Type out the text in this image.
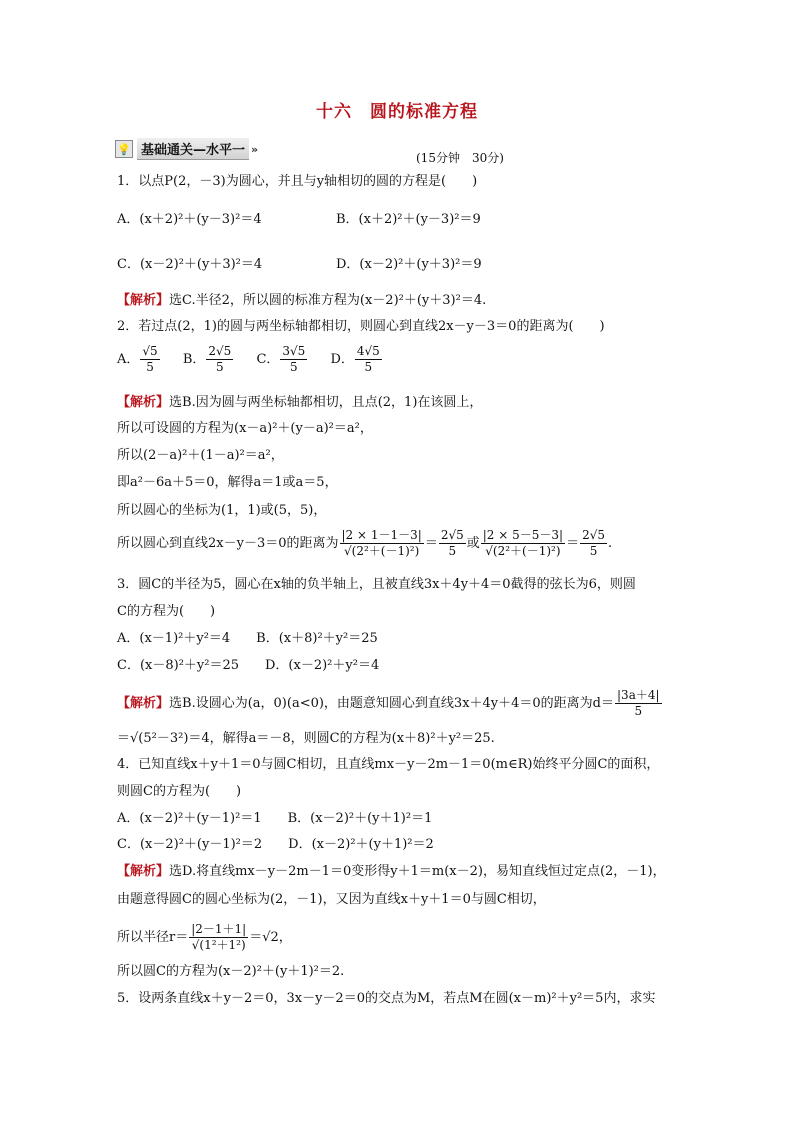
十六　圆的标准方程
💡 基础通关—水平一 »
(15分钟　30分)
1．以点P(2，－3)为圆心，并且与y轴相切的圆的方程是(　　)
A．(x＋2)²＋(y－3)²＝4	B．(x＋2)²＋(y－3)²＝9
C．(x－2)²＋(y＋3)²＝4	D．(x－2)²＋(y＋3)²＝9
【解析】选C.半径2，所以圆的标准方程为(x－2)²＋(y＋3)²＝4.
2．若过点(2，1)的圆与两坐标轴都相切，则圆心到直线2x－y－3＝0的距离为(　　)
A． $\frac{√5}{5}$ B． $\frac{2√5}{5}$ C． $\frac{3√5}{5}$ D． $\frac{4√5}{5}$
【解析】选B.因为圆与两坐标轴都相切，且点(2，1)在该圆上，
所以可设圆的方程为(x－a)²＋(y－a)²＝a²，
所以(2－a)²＋(1－a)²＝a²，
即a²－6a＋5＝0，解得a＝1或a＝5，
所以圆心的坐标为(1，1)或(5，5)，
所以圆心到直线2x－y－3＝0的距离为 $\frac{|2 \times 1-1-3|}{\text{√(2²＋(－1)²)}} = \frac{2√5}{5}$ 或 $\frac{|2 \times 5-5-3|}{\text{√(2²＋(－1)²)}} = \frac{2√5}{5}$ .
3．圆C的半径为5，圆心在x轴的负半轴上，且被直线3x＋4y＋4＝0截得的弦长为6，则圆
C的方程为(　　)
A．(x－1)²＋y²＝4　　B．(x＋8)²＋y²＝25
C．(x－8)²＋y²＝25　　D．(x－2)²＋y²＝4
【解析】选B.设圆心为(a，0)(a<0)，由题意知圆心到直线3x＋4y＋4＝0的距离为$d= \frac{|3a+4|}{5}$
＝√(5²－3²)＝4，解得a＝－8，则圆C的方程为(x＋8)²＋y²＝25.
4．已知直线x＋y＋1＝0与圆C相切，且直线mx－y－2m－1＝0(m∈R)始终平分圆C的面积，
则圆C的方程为(　　)
A．(x－2)²＋(y－1)²＝1　　B．(x－2)²＋(y＋1)²＝1
C．(x－2)²＋(y－1)²＝2　　D．(x－2)²＋(y＋1)²＝2
【解析】选D.将直线mx－y－2m－1＝0变形得y＋1＝m(x－2)，易知直线恒过定点(2，－1)，
由题意得圆C的圆心坐标为(2，－1)，又因为直线x＋y＋1＝0与圆C相切，
所以半径$r= \frac{|2-1+1|}{\text{√(1²＋1²)}} =√2$，
所以圆C的方程为(x－2)²＋(y＋1)²＝2.
5．设两条直线x＋y－2＝0，3x－y－2＝0的交点为M，若点M在圆(x－m)²＋y²＝5内，求实
